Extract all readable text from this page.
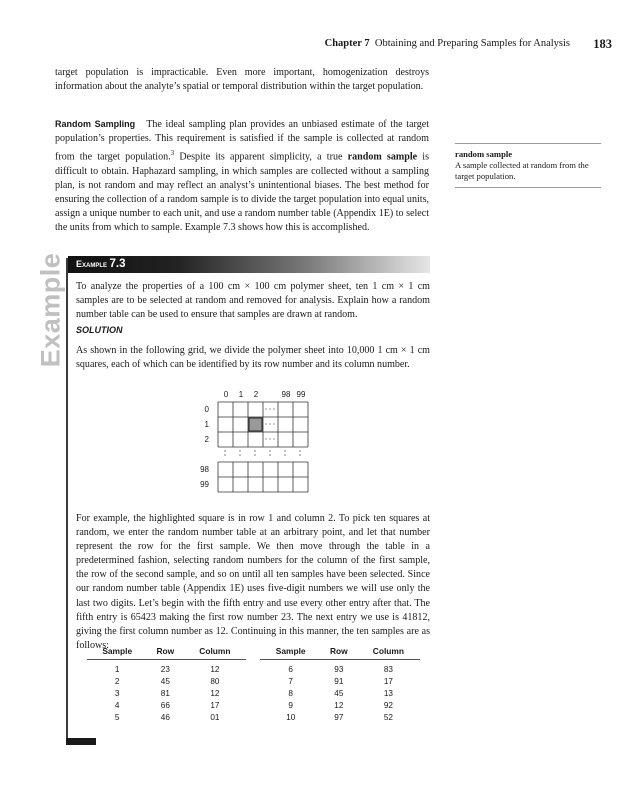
Chapter 7 Obtaining and Preparing Samples for Analysis 183

target population is impracticable. Even more important, homogenization destroys information about the analyte’s spatial or temporal distribution within the target population.

Random Sampling The ideal sampling plan provides an unbiased estimate of the target population’s properties. This requirement is satisfied if the sample is collected at random from the target population.$^3$ Despite its apparent simplicity, a true random sample is difficult to obtain. Haphazard sampling, in which samples are collected without a sampling plan, is not random and may reflect an analyst’s unintentional biases. The best method for ensuring the collection of a random sample is to divide the target population into equal units, assign a unique number to each unit, and use a random number table (Appendix 1E) to select the units from which to sample. Example 7.3 shows how this is accomplished.

random sample
A sample collected at random from the target population.
Example Example 7.3

To analyze the properties of a 100 cm × 100 cm polymer sheet, ten 1 cm × 1 cm samples are to be selected at random and removed for analysis. Explain how a random number table can be used to ensure that samples are drawn at random.

SOLUTION

As shown in the following grid, we divide the polymer sheet into 10,000 1 cm × 1 cm squares, each of which can be identified by its row number and its column number.

0 1 2	98 99
0
1
2
98
99

For example, the highlighted square is in row 1 and column 2. To pick ten squares at random, we enter the random number table at an arbitrary point, and let that number represent the row for the first sample. We then move through the table in a predetermined fashion, selecting random numbers for the column of the first sample, the row of the second sample, and so on until all ten samples have been selected. Since our random number table (Appendix 1E) uses five-digit numbers we will use only the last two digits. Let’s begin with the fifth entry and use every other entry after that. The fifth entry is 65423 making the first row number 23. The next entry we use is 41812, giving the first column number as 12. Continuing in this manner, the ten samples are as follows:

Sample	Row	Column		Sample	Row	Column
1	23	12		6	93	83
2	45	80		7	91	17
3	81	12		8	45	13
4	66	17		9	12	92
5	46	01		10	97	52
